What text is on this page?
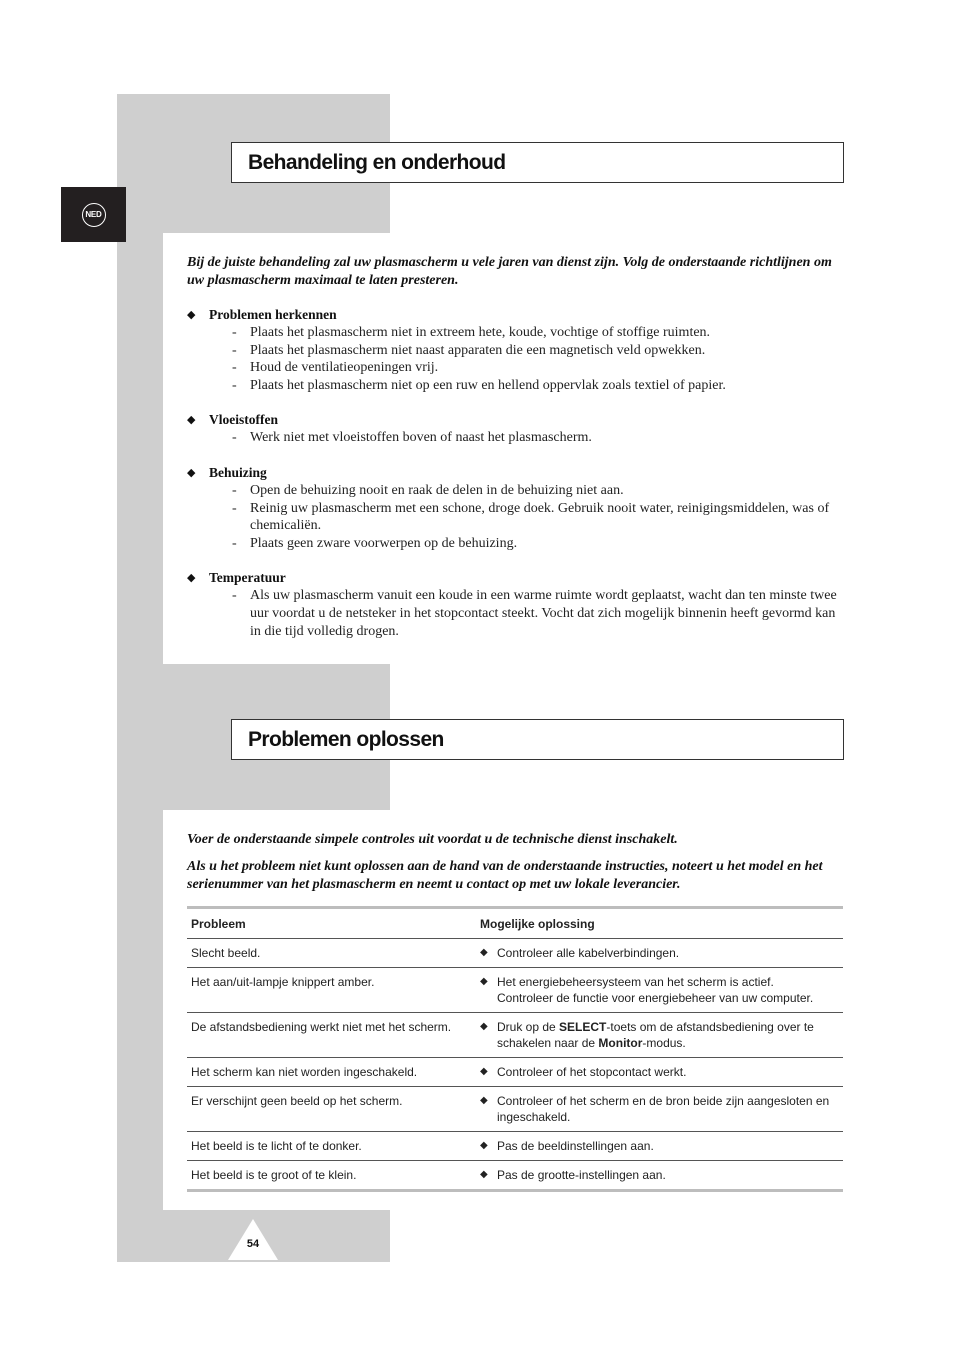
NED
Behandeling en onderhoud

Bij de juiste behandeling zal uw plasmascherm u vele jaren van dienst zijn. Volg de onderstaande richtlijnen om uw plasmascherm maximaal te laten presteren.

◆	Problemen herkennen
- Plaats het plasmascherm niet in extreem hete, koude, vochtige of stoffige ruimten.
- Plaats het plasmascherm niet naast apparaten die een magnetisch veld opwekken.
- Houd de ventilatieopeningen vrij.
- Plaats het plasmascherm niet op een ruw en hellend oppervlak zoals textiel of papier.
◆	Vloeistoffen
- Werk niet met vloeistoffen boven of naast het plasmascherm.
◆	Behuizing
- Open de behuizing nooit en raak de delen in de behuizing niet aan.
- Reinig uw plasmascherm met een schone, droge doek. Gebruik nooit water, reinigingsmiddelen, was of chemicaliën.
- Plaats geen zware voorwerpen op de behuizing.
◆	Temperatuur
- Als uw plasmascherm vanuit een koude in een warme ruimte wordt geplaatst, wacht dan ten minste twee uur voordat u de netsteker in het stopcontact steekt. Vocht dat zich mogelijk binnenin heeft gevormd kan in die tijd volledig drogen.
Problemen oplossen

Voer de onderstaande simpele controles uit voordat u de technische dienst inschakelt.

Als u het probleem niet kunt oplossen aan de hand van de onderstaande instructies, noteert u het model en het serienummer van het plasmascherm en neemt u contact op met uw lokale leverancier.

Probleem	Mogelijke oplossing
Slecht beeld.	◆ Controleer alle kabelverbindingen.

Het aan/uit-lampje knippert amber.	◆ Het energiebeheersysteem van het scherm is actief.
Controleer de functie voor energiebeheer van uw computer.

De afstandsbediening werkt niet met het scherm.	◆ Druk op de SELECT-toets om de afstandsbediening over te schakelen naar de Monitor-modus.

Het scherm kan niet worden ingeschakeld.	◆ Controleer of het stopcontact werkt.

Er verschijnt geen beeld op het scherm.	◆ Controleer of het scherm en de bron beide zijn aangesloten en ingeschakeld.

Het beeld is te licht of te donker.	◆ Pas de beeldinstellingen aan.

Het beeld is te groot of te klein.	◆ Pas de grootte-instellingen aan.
54
